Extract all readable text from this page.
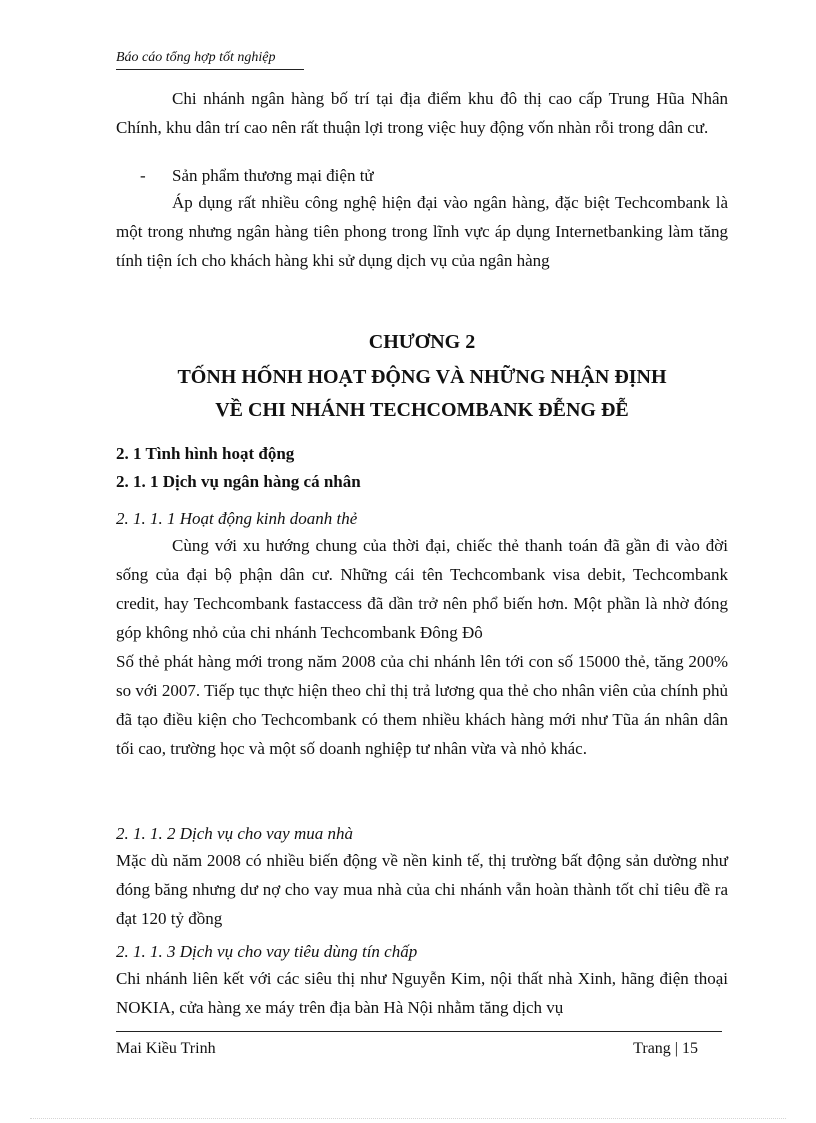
Báo cáo tổng hợp tốt nghiệp
Chi nhánh ngân hàng bố trí tại địa điểm khu đô thị cao cấp Trung Hũa Nhân Chính, khu dân trí cao nên rất thuận lợi trong việc huy động vốn nhàn rỗi trong dân cư.
- Sản phẩm thương mại điện tử
Áp dụng rất nhiều công nghệ hiện đại vào ngân hàng, đặc biệt Techcombank là một trong nhưng ngân hàng tiên phong trong lĩnh vực áp dụng Internetbanking làm tăng tính tiện ích cho khách hàng khi sử dụng dịch vụ của ngân hàng
CHƯƠNG 2
TỐNH HỐNH HOẠT ĐỘNG VÀ NHỮNG NHẬN ĐỊNH
VỀ CHI NHÁNH TECHCOMBANK ĐỄNG ĐỄ
2. 1 Tình hình hoạt động
2. 1. 1 Dịch vụ ngân hàng cá nhân
2. 1. 1. 1 Hoạt động kinh doanh thẻ
Cùng với xu hướng chung của thời đại, chiếc thẻ thanh toán đã gần đi vào đời sống của đại bộ phận dân cư. Những cái tên Techcombank visa debit, Techcombank credit, hay Techcombank fastaccess đã dần trở nên phổ biến hơn. Một phần là nhờ đóng góp không nhỏ của chi nhánh Techcombank Đông Đô
Số thẻ phát hàng mới trong năm 2008 của chi nhánh lên tới con số 15000 thẻ, tăng 200% so với 2007. Tiếp tục thực hiện theo chỉ thị trả lương qua thẻ cho nhân viên của chính phủ đã tạo điều kiện cho Techcombank có them nhiều khách hàng mới như Tũa án nhân dân tối cao, trường học và một số doanh nghiệp tư nhân vừa và nhỏ khác.
2. 1. 1. 2 Dịch vụ cho vay mua nhà
Mặc dù năm 2008 có nhiều biến động về nền kinh tế, thị trường bất động sản dường như đóng băng nhưng dư nợ cho vay mua nhà của chi nhánh vẫn hoàn thành tốt chỉ tiêu đề ra đạt 120 tỷ đồng
2. 1. 1. 3 Dịch vụ cho vay tiêu dùng tín chấp
Chi nhánh liên kết với các siêu thị như Nguyễn Kim, nội thất nhà Xinh, hãng điện thoại NOKIA, cửa hàng xe máy trên địa bàn Hà Nội nhằm tăng dịch vụ
Mai Kiều Trinh	Trang | 15
